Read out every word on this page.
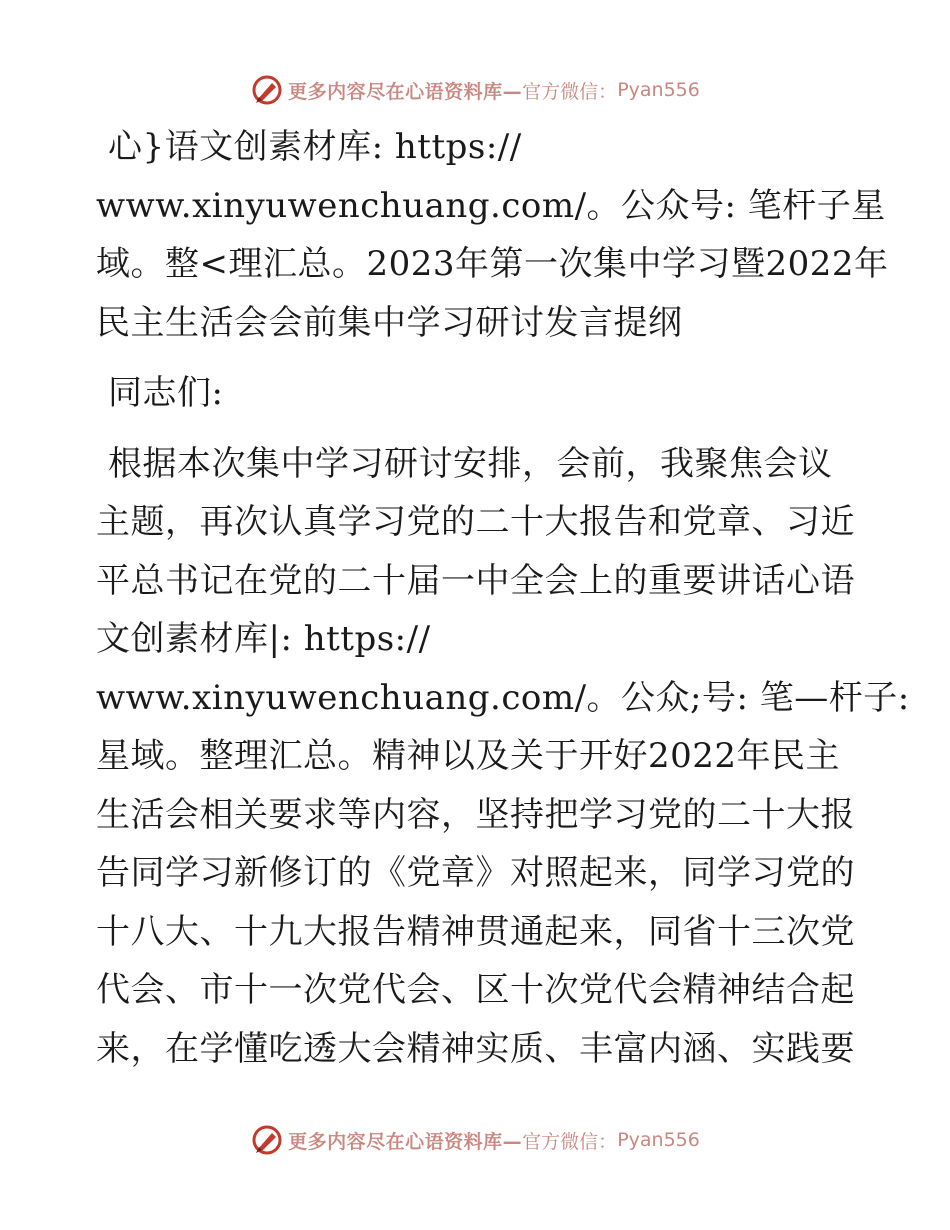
更多内容尽在心语资料库— 官方微信： Pyan556
心}语文创素材库: https://
www.xinyuwenchuang.com/。公众号: 笔杆子星
域。整<理汇总。2023年第一次集中学习暨2022年
民主生活会会前集中学习研讨发言提纲
同志们:
根据本次集中学习研讨安排，会前，我聚焦会议
主题，再次认真学习党的二十大报告和党章、习近
平总书记在党的二十届一中全会上的重要讲话心语
文创素材库|: https://
www.xinyuwenchuang.com/。公众;号: 笔—杆子:
星域。整理汇总。精神以及关于开好2022年民主
生活会相关要求等内容，坚持把学习党的二十大报
告同学习新修订的《党章》对照起来，同学习党的
十八大、十九大报告精神贯通起来，同省十三次党
代会、市十一次党代会、区十次党代会精神结合起
来，在学懂吃透大会精神实质、丰富内涵、实践要
更多内容尽在心语资料库— 官方微信： Pyan556
